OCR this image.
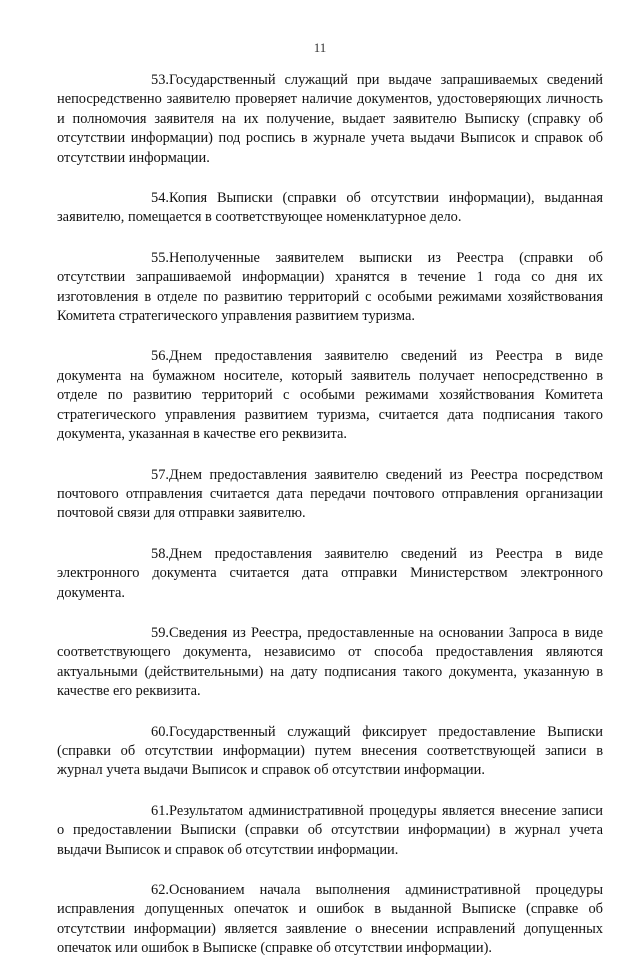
11

53.Государственный служащий при выдаче запрашиваемых сведений непосредственно заявителю проверяет наличие документов, удостоверяющих личность и полномочия заявителя на их получение, выдает заявителю Выписку (справку об отсутствии информации) под роспись в журнале учета выдачи Выписок и справок об отсутствии информации.

54.Копия Выписки (справки об отсутствии информации), выданная заявителю, помещается в соответствующее номенклатурное дело.

55.Неполученные заявителем выписки из Реестра (справки об отсутствии запрашиваемой информации) хранятся в течение 1 года со дня их изготовления в отделе по развитию территорий с особыми режимами хозяйствования Комитета стратегического управления развитием туризма.

56.Днем предоставления заявителю сведений из Реестра в виде документа на бумажном носителе, который заявитель получает непосредственно в отделе по развитию территорий с особыми режимами хозяйствования Комитета стратегического управления развитием туризма, считается дата подписания такого документа, указанная в качестве его реквизита.

57.Днем предоставления заявителю сведений из Реестра посредством почтового отправления считается дата передачи почтового отправления организации почтовой связи для отправки заявителю.

58.Днем предоставления заявителю сведений из Реестра в виде электронного документа считается дата отправки Министерством электронного документа.

59.Сведения из Реестра, предоставленные на основании Запроса в виде соответствующего документа, независимо от способа предоставления являются актуальными (действительными) на дату подписания такого документа, указанную в качестве его реквизита.

60.Государственный служащий фиксирует предоставление Выписки (справки об отсутствии информации) путем внесения соответствующей записи в журнал учета выдачи Выписок и справок об отсутствии информации.

61.Результатом административной процедуры является внесение записи о предоставлении Выписки (справки об отсутствии информации) в журнал учета выдачи Выписок и справок об отсутствии информации.

62.Основанием начала выполнения административной процедуры исправления допущенных опечаток и ошибок в выданной Выписке (справке об отсутствии информации) является заявление о внесении исправлений допущенных опечаток или ошибок в Выписке (справке об отсутствии информации).
